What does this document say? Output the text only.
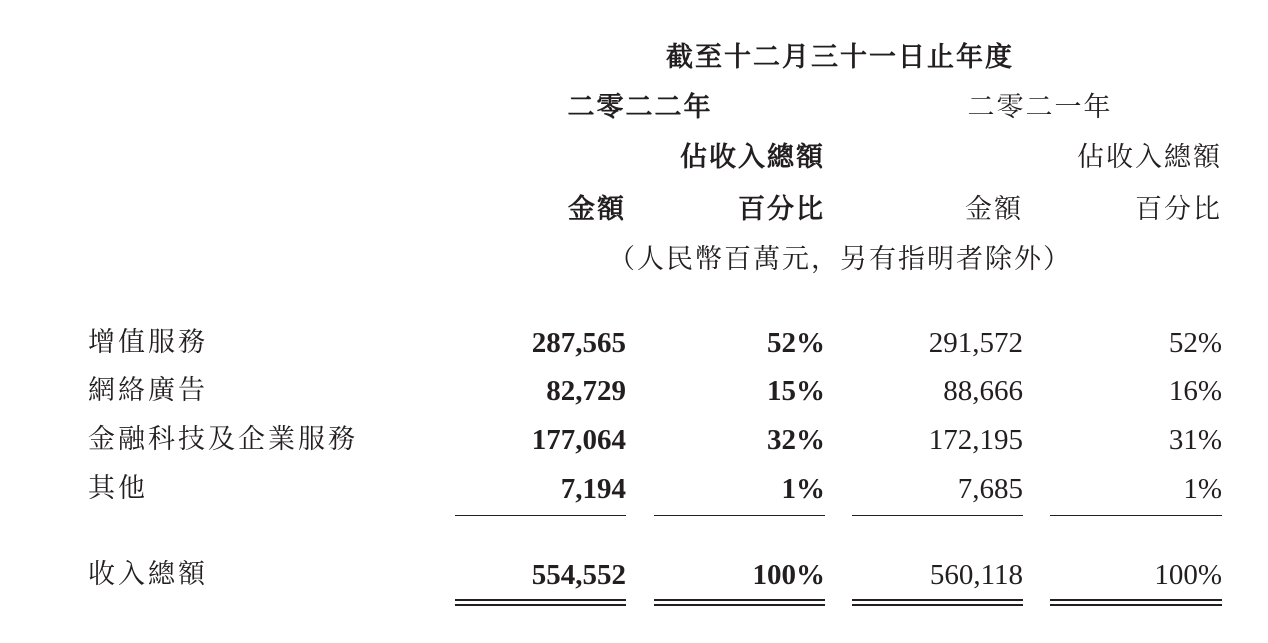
截至十二月三十一日止年度
二零二二年	二零二一年
佔收入總額	佔收入總額
金額	百分比	金額	百分比
（人民幣百萬元，另有指明者除外）
增值服務	287,565	52%	291,572	52%
網絡廣告	82,729	15%	88,666	16%
金融科技及企業服務	177,064	32%	172,195	31%
其他	7,194	1%	7,685	1%
收入總額	554,552	100%	560,118	100%
